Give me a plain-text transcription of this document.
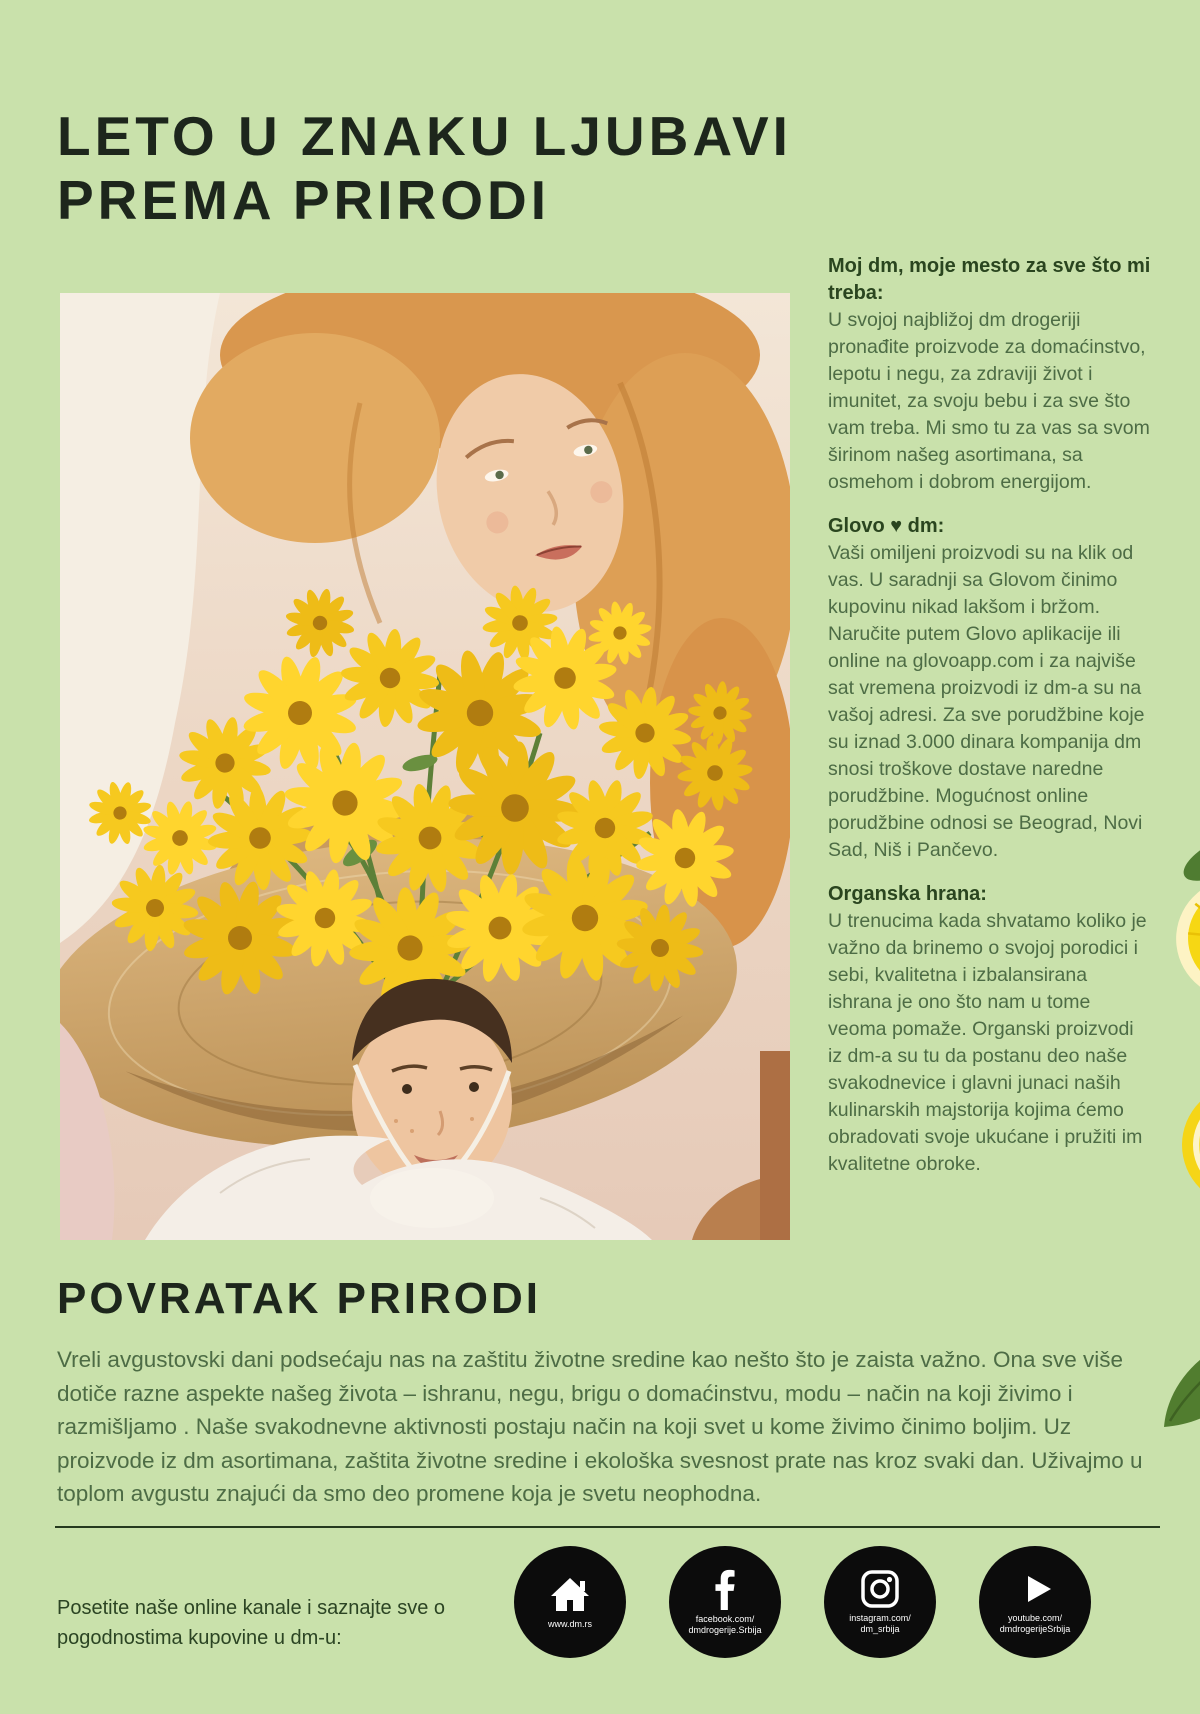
LETO U ZNAKU LJUBAVI
PREMA PRIRODI
Moj dm, moje mesto za sve što mi treba:
U svojoj najbližoj dm drogeriji pronađite proizvode za domaćinstvo, lepotu i negu, za zdraviji život i imunitet, za svoju bebu i za sve što vam treba. Mi smo tu za vas sa svom širinom našeg asortimana, sa osmehom i dobrom energijom.
Glovo ♥ dm:
Vaši omiljeni proizvodi su na klik od vas. U saradnji sa Glovom činimo kupovinu nikad lakšom i bržom. Naručite putem Glovo aplikacije ili online na glovoapp.com i za najviše sat vremena proizvodi iz dm-a su na vašoj adresi. Za sve porudžbine koje su iznad 3.000 dinara kompanija dm snosi troškove dostave naredne porudžbine. Mogućnost online porudžbine odnosi se Beograd, Novi Sad, Niš i Pančevo.
Organska hrana:
U trenucima kada shvatamo koliko je važno da brinemo o svojoj porodici i sebi, kvalitetna i izbalansirana ishrana je ono što nam u tome veoma pomaže. Organski proizvodi iz dm-a su tu da postanu deo naše svakodnevice i glavni junaci naših kulinarskih majstorija kojima ćemo obradovati svoje ukućane i pružiti im kvalitetne obroke.
POVRATAK PRIRODI
Vreli avgustovski dani podsećaju nas na zaštitu životne sredine kao nešto što je zaista važno. Ona sve više dotiče razne aspekte našeg života – ishranu, negu, brigu o domaćinstvu, modu – način na koji živimo i razmišljamo . Naše svakodnevne aktivnosti postaju način na koji svet u kome živimo činimo boljim. Uz proizvode iz dm asortimana, zaštita životne sredine i ekološka svesnost prate nas kroz svaki dan. Uživajmo u toplom avgustu znajući da smo deo promene koja je svetu neophodna.
Posetite naše online kanale i saznajte sve o pogodnostima kupovine u dm-u:
www.dm.rs	facebook.com/
dmdrogerije.Srbija
instagram.com/
dm_srbija
youtube.com/
dmdrogerijeSrbija
